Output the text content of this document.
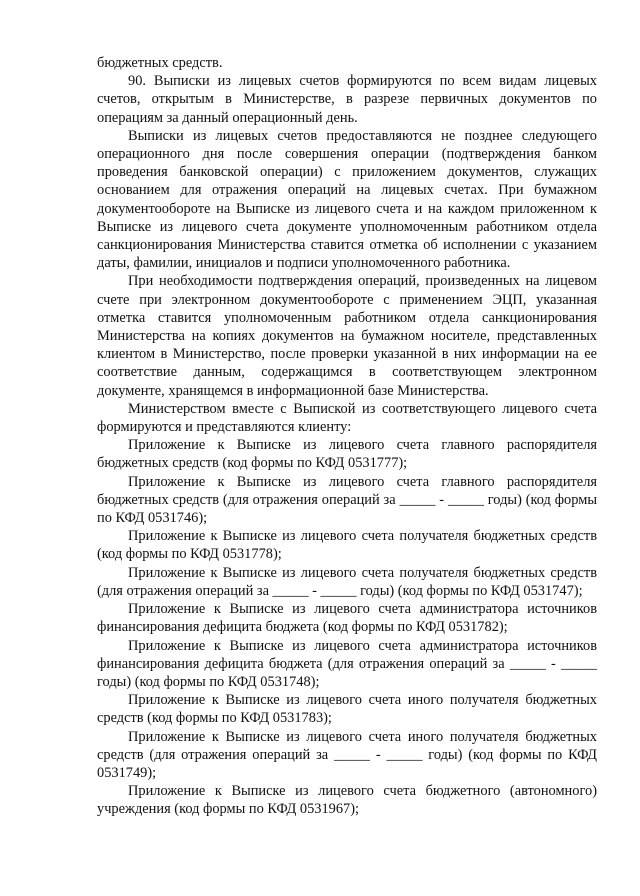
бюджетных средств.

90. Выписки из лицевых счетов формируются по всем видам лицевых счетов, открытым в Министерстве, в разрезе первичных документов по операциям за данный операционный день.

Выписки из лицевых счетов предоставляются не позднее следующего операционного дня после совершения операции (подтверждения банком проведения банковской операции) с приложением документов, служащих основанием для отражения операций на лицевых счетах. При бумажном документообороте на Выписке из лицевого счета и на каждом приложенном к Выписке из лицевого счета документе уполномоченным работником отдела санкционирования Министерства ставится отметка об исполнении с указанием даты, фамилии, инициалов и подписи уполномоченного работника.

При необходимости подтверждения операций, произведенных на лицевом счете при электронном документообороте с применением ЭЦП, указанная отметка ставится уполномоченным работником отдела санкционирования Министерства на копиях документов на бумажном носителе, представленных клиентом в Министерство, после проверки указанной в них информации на ее соответствие данным, содержащимся в соответствующем электронном документе, хранящемся в информационной базе Министерства.

Министерством вместе с Выпиской из соответствующего лицевого счета формируются и представляются клиенту:

Приложение к Выписке из лицевого счета главного распорядителя бюджетных средств (код формы по КФД 0531777);

Приложение к Выписке из лицевого счета главного распорядителя бюджетных средств (для отражения операций за _____ - _____ годы) (код формы по КФД 0531746);

Приложение к Выписке из лицевого счета получателя бюджетных средств (код формы по КФД 0531778);

Приложение к Выписке из лицевого счета получателя бюджетных средств (для отражения операций за _____ - _____ годы) (код формы по КФД 0531747);

Приложение к Выписке из лицевого счета администратора источников финансирования дефицита бюджета (код формы по КФД 0531782);

Приложение к Выписке из лицевого счета администратора источников финансирования дефицита бюджета (для отражения операций за _____ - _____ годы) (код формы по КФД 0531748);

Приложение к Выписке из лицевого счета иного получателя бюджетных средств (код формы по КФД 0531783);

Приложение к Выписке из лицевого счета иного получателя бюджетных средств (для отражения операций за _____ - _____ годы) (код формы по КФД 0531749);

Приложение к Выписке из лицевого счета бюджетного (автономного) учреждения (код формы по КФД 0531967);
